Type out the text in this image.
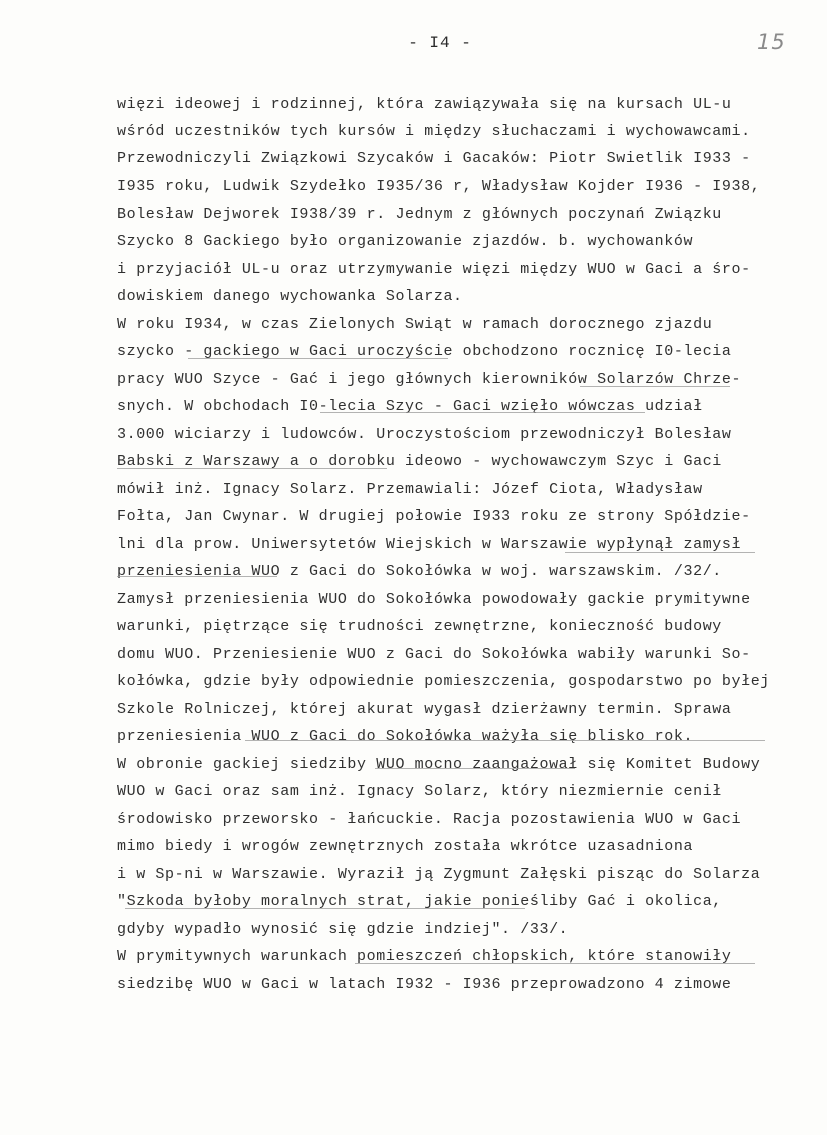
- I4 -	15
więzi ideowej i rodzinnej, która zawiązywała się na kursach UL-u
wśród uczestników tych kursów i między słuchaczami i wychowawcami.
Przewodniczyli Związkowi Szycaków i Gacaków: Piotr Swietlik I933 -
I935 roku, Ludwik Szydełko I935/36 r, Władysław Kojder I936 - I938,
Bolesław Dejworek I938/39 r. Jednym z głównych poczynań Związku
Szycko 8 Gackiego było organizowanie zjazdów. b. wychowanków
i przyjaciół UL-u oraz utrzymywanie więzi między WUO w Gaci a śro-
dowiskiem danego wychowanka Solarza.
W roku I934, w czas Zielonych Swiąt w ramach dorocznego zjazdu
szycko - gackiego w Gaci uroczyście obchodzono rocznicę I0-lecia
pracy WUO Szyce - Gać i jego głównych kierowników Solarzów Chrze-
snych. W obchodach I0-lecia Szyc - Gaci wzięło wówczas udział
3.000 wiciarzy i ludowców. Uroczystościom przewodniczył Bolesław
Babski z Warszawy a o dorobku ideowo - wychowawczym Szyc i Gaci
mówił inż. Ignacy Solarz. Przemawiali: Józef Ciota, Władysław
Fołta, Jan Cwynar. W drugiej połowie I933 roku ze strony Spółdzie-
lni dla prow. Uniwersytetów Wiejskich w Warszawie wypłynął zamysł
przeniesienia WUO z Gaci do Sokołówka w woj. warszawskim. /32/.
Zamysł przeniesienia WUO do Sokołówka powodowały gackie prymitywne
warunki, piętrzące się trudności zewnętrzne, konieczność budowy
domu WUO. Przeniesienie WUO z Gaci do Sokołówka wabiły warunki So-
kołówka, gdzie były odpowiednie pomieszczenia, gospodarstwo po byłej
Szkole Rolniczej, której akurat wygasł dzierżawny termin. Sprawa
przeniesienia WUO z Gaci do Sokołówka ważyła się blisko rok.
W obronie gackiej siedziby WUO mocno zaangażował się Komitet Budowy
WUO w Gaci oraz sam inż. Ignacy Solarz, który niezmiernie cenił
środowisko przeworsko - łańcuckie. Racja pozostawienia WUO w Gaci
mimo biedy i wrogów zewnętrznych została wkrótce uzasadniona
i w Sp-ni w Warszawie. Wyraził ją Zygmunt Załęski pisząc do Solarza
"Szkoda byłoby moralnych strat, jakie ponieśliby Gać i okolica,
gdyby wypadło wynosić się gdzie indziej". /33/.
W prymitywnych warunkach pomieszczeń chłopskich, które stanowiły
siedzibę WUO w Gaci w latach I932 - I936 przeprowadzono 4 zimowe
